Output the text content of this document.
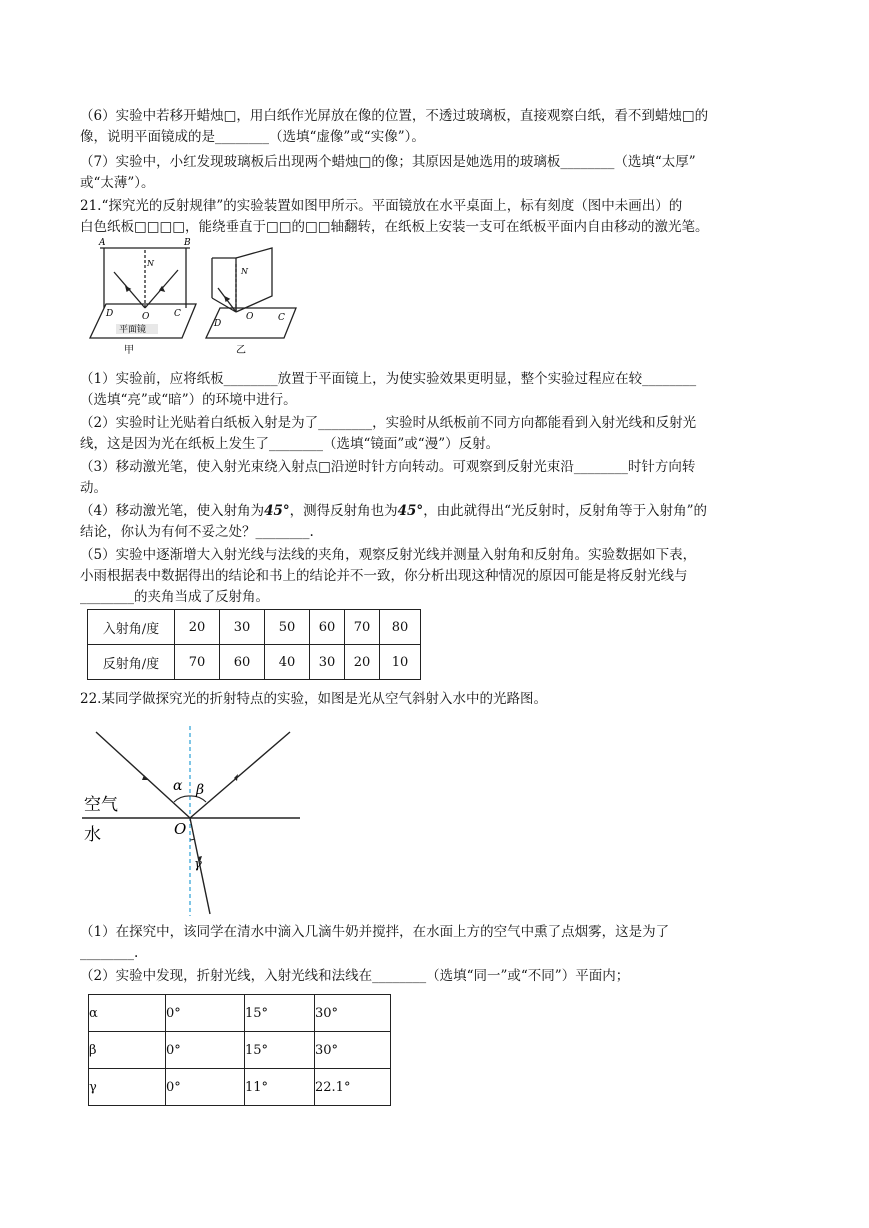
（6）实验中若移开蜡烛□，用白纸作光屏放在像的位置，不透过玻璃板，直接观察白纸，看不到蜡烛□的
像，说明平面镜成的是________（选填“虚像”或“实像”）。
（7）实验中，小红发现玻璃板后出现两个蜡烛□的像；其原因是她选用的玻璃板________（选填“太厚”
或“太薄”）。
21.“探究光的反射规律”的实验装置如图甲所示。平面镜放在水平桌面上，标有刻度（图中未画出）的
白色纸板□□□□，能绕垂直于□□的□□轴翻转，在纸板上安装一支可在纸板平面内自由移动的激光笔。
A	B
N
O	C
D
平面镜
甲
N
O	C
D
乙
（1）实验前，应将纸板________放置于平面镜上，为使实验效果更明显，整个实验过程应在较________
（选填“亮”或“暗”）的环境中进行。
（2）实验时让光贴着白纸板入射是为了________，实验时从纸板前不同方向都能看到入射光线和反射光
线，这是因为光在纸板上发生了________（选填“镜面”或“漫”）反射。
（3）移动激光笔，使入射光束绕入射点□沿逆时针方向转动。可观察到反射光束沿________时针方向转
动。
（4）移动激光笔，使入射角为45°，测得反射角也为45°，由此就得出“光反射时，反射角等于入射角”的
结论，你认为有何不妥之处？________.
（5）实验中逐渐增大入射光线与法线的夹角，观察反射光线并测量入射角和反射角。实验数据如下表，
小雨根据表中数据得出的结论和书上的结论并不一致，你分析出现这种情况的原因可能是将反射光线与
________的夹角当成了反射角。
入射角/度	20	30	50	60	70	80
反射角/度	70	60	40	30	20	10
22.某同学做探究光的折射特点的实验，如图是光从空气斜射入水中的光路图。
空气
水	O
α β
γ
（1）在探究中，该同学在清水中滴入几滴牛奶并搅拌，在水面上方的空气中熏了点烟雾，这是为了
________.
（2）实验中发现，折射光线，入射光线和法线在________（选填“同一”或“不同”）平面内；
α	0°	15°	30°
β	0°	15°	30°
γ	0°	11°	22.1°
